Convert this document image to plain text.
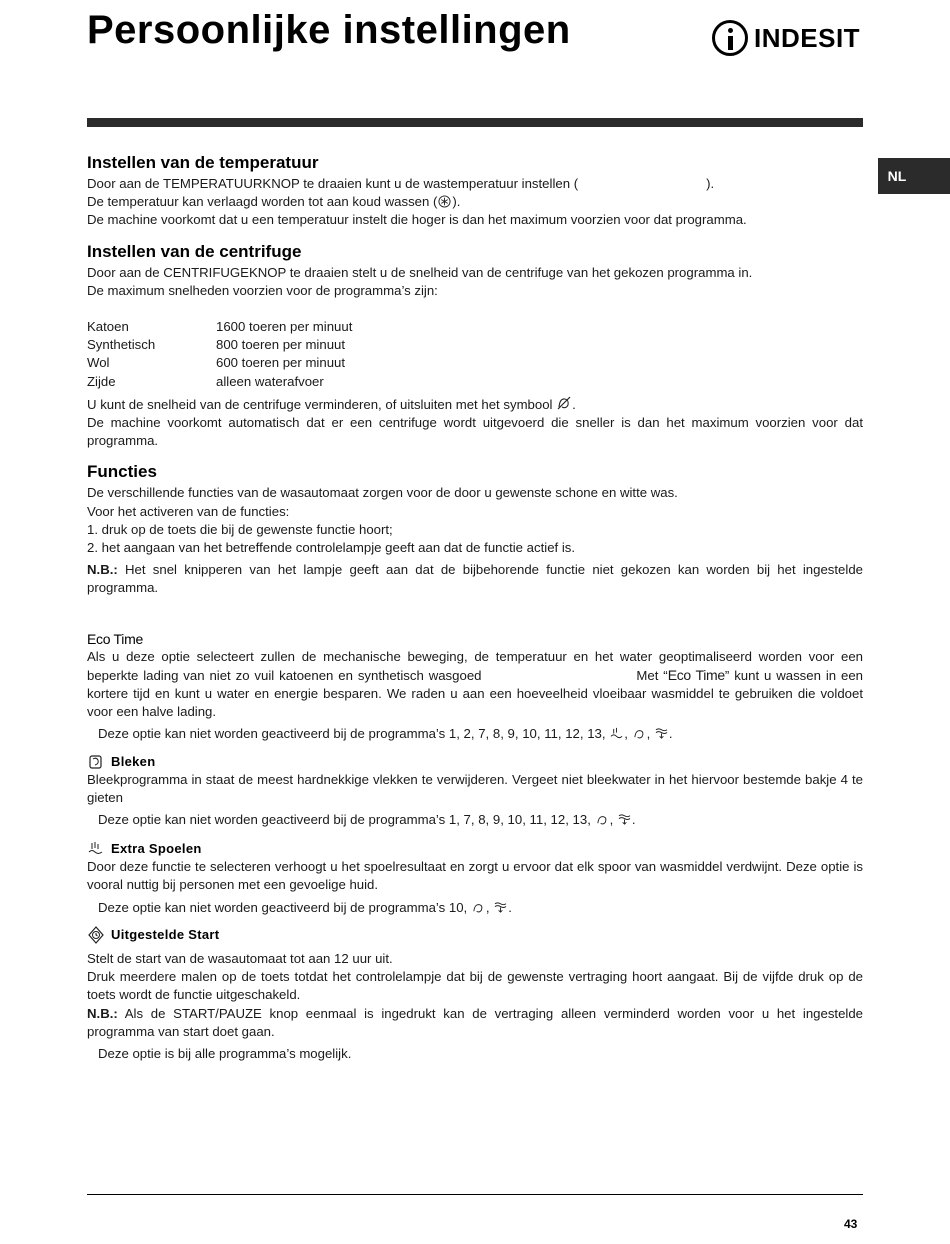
Persoonlijke instellingen	INDESIT
NL
Instellen van de temperatuur

Door aan de TEMPERATUURKNOP te draaien kunt u de wastemperatuur instellen (	).

De temperatuur kan verlaagd worden tot aan koud wassen ( ).

De machine voorkomt dat u een temperatuur instelt die hoger is dan het maximum voorzien voor dat programma.

Instellen van de centrifuge

Door aan de CENTRIFUGEKNOP te draaien stelt u de snelheid van de centrifuge van het gekozen programma in.

De maximum snelheden voorzien voor de programma’s zijn:

Katoen	1600 toeren per minuut
Synthetisch	800 toeren per minuut
Wol	600 toeren per minuut
Zijde	alleen waterafvoer

U kunt de snelheid van de centrifuge verminderen, of uitsluiten met het symbool .

De machine voorkomt automatisch dat er een centrifuge wordt uitgevoerd die sneller is dan het maximum voorzien voor dat programma.

Functies

De verschillende functies van de wasautomaat zorgen voor de door u gewenste schone en witte was.

Voor het activeren van de functies:

1. druk op de toets die bij de gewenste functie hoort;

2. het aangaan van het betreffende controlelampje geeft aan dat de functie actief is.

N.B.: Het snel knipperen van het lampje geeft aan dat de bijbehorende functie niet gekozen kan worden bij het ingestelde programma.

Eco Time

Als u deze optie selecteert zullen de mechanische beweging, de temperatuur en het water geoptimaliseerd worden voor een beperkte lading van niet zo vuil katoenen en synthetisch wasgoed	Met “Eco Time” kunt u wassen in een kortere tijd en kunt u water en energie besparen. We raden u aan een hoeveelheid vloeibaar wasmiddel te gebruiken die voldoet voor een halve lading.

Deze optie kan niet worden geactiveerd bij de programma’s 1, 2, 7, 8, 9, 10, 11, 12, 13, , , .

Bleken

Bleekprogramma in staat de meest hardnekkige vlekken te verwijderen. Vergeet niet bleekwater in het hiervoor bestemde bakje 4 te gieten

Deze optie kan niet worden geactiveerd bij de programma’s 1, 7, 8, 9, 10, 11, 12, 13, , .

Extra Spoelen

Door deze functie te selecteren verhoogt u het spoelresultaat en zorgt u ervoor dat elk spoor van wasmiddel verdwijnt. Deze optie is vooral nuttig bij personen met een gevoelige huid.

Deze optie kan niet worden geactiveerd bij de programma’s 10, , .

Uitgestelde Start

Stelt de start van de wasautomaat tot aan 12 uur uit.

Druk meerdere malen op de toets totdat het controlelampje dat bij de gewenste vertraging hoort aangaat. Bij de vijfde druk op de toets wordt de functie uitgeschakeld.

N.B.: Als de START/PAUZE knop eenmaal is ingedrukt kan de vertraging alleen verminderd worden voor u het ingestelde programma van start doet gaan.

Deze optie is bij alle programma’s mogelijk.

43
